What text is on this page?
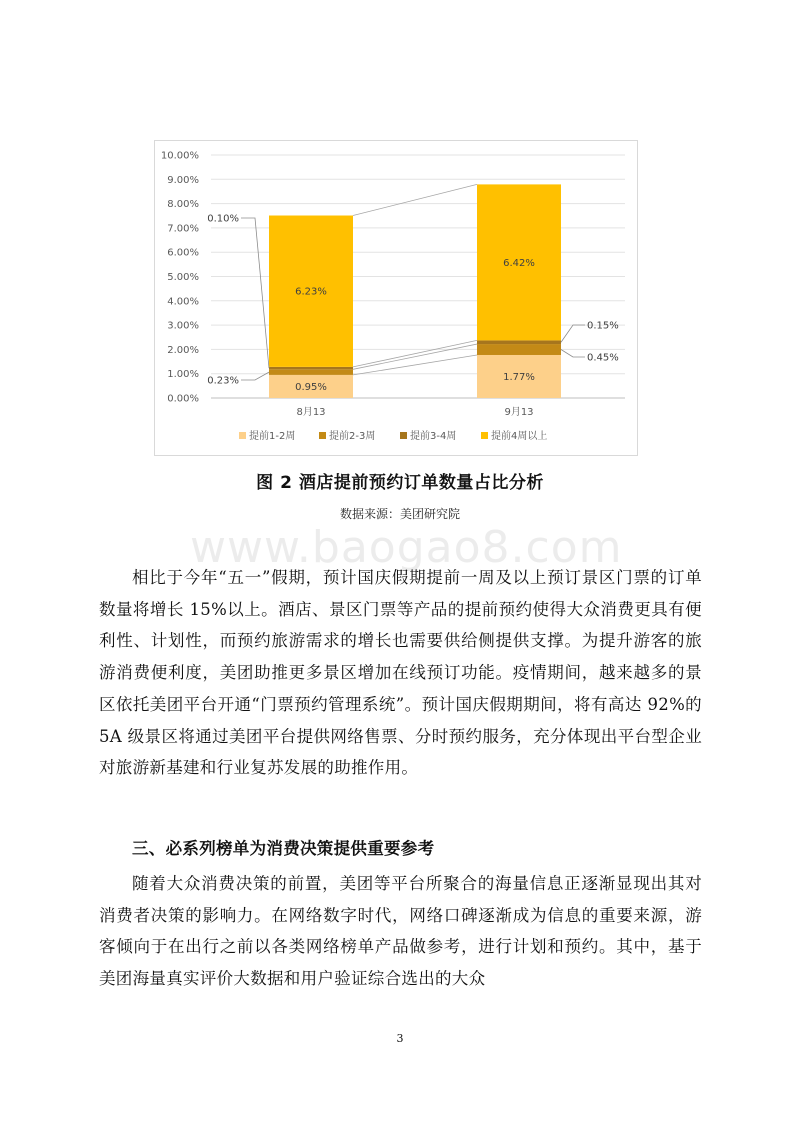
0.00%
1.00%
2.00%
3.00%
4.00%
5.00%
6.00%
7.00%
8.00%
9.00%
10.00%
8月13	9月13
0.95%
1.77%
6.23%
6.42%
0.10%
0.23%
0.15%
0.45%
提前1-2周	提前2-3周	提前3-4周	提前4周以上
图 2 酒店提前预约订单数量占比分析
数据来源：美团研究院
www.baogao8.com

相比于今年“五一”假期，预计国庆假期提前一周及以上预订景区门票的订单数量将增长 15%以上。酒店、景区门票等产品的提前预约使得大众消费更具有便利性、计划性，而预约旅游需求的增长也需要供给侧提供支撑。为提升游客的旅游消费便利度，美团助推更多景区增加在线预订功能。疫情期间，越来越多的景区依托美团平台开通“门票预约管理系统”。预计国庆假期期间，将有高达 92%的 5A 级景区将通过美团平台提供网络售票、分时预约服务，充分体现出平台型企业对旅游新基建和行业复苏发展的助推作用。

三、必系列榜单为消费决策提供重要参考

随着大众消费决策的前置，美团等平台所聚合的海量信息正逐渐显现出其对消费者决策的影响力。在网络数字时代，网络口碑逐渐成为信息的重要来源，游客倾向于在出行之前以各类网络榜单产品做参考，进行计划和预约。其中，基于美团海量真实评价大数据和用户验证综合选出的大众

3
